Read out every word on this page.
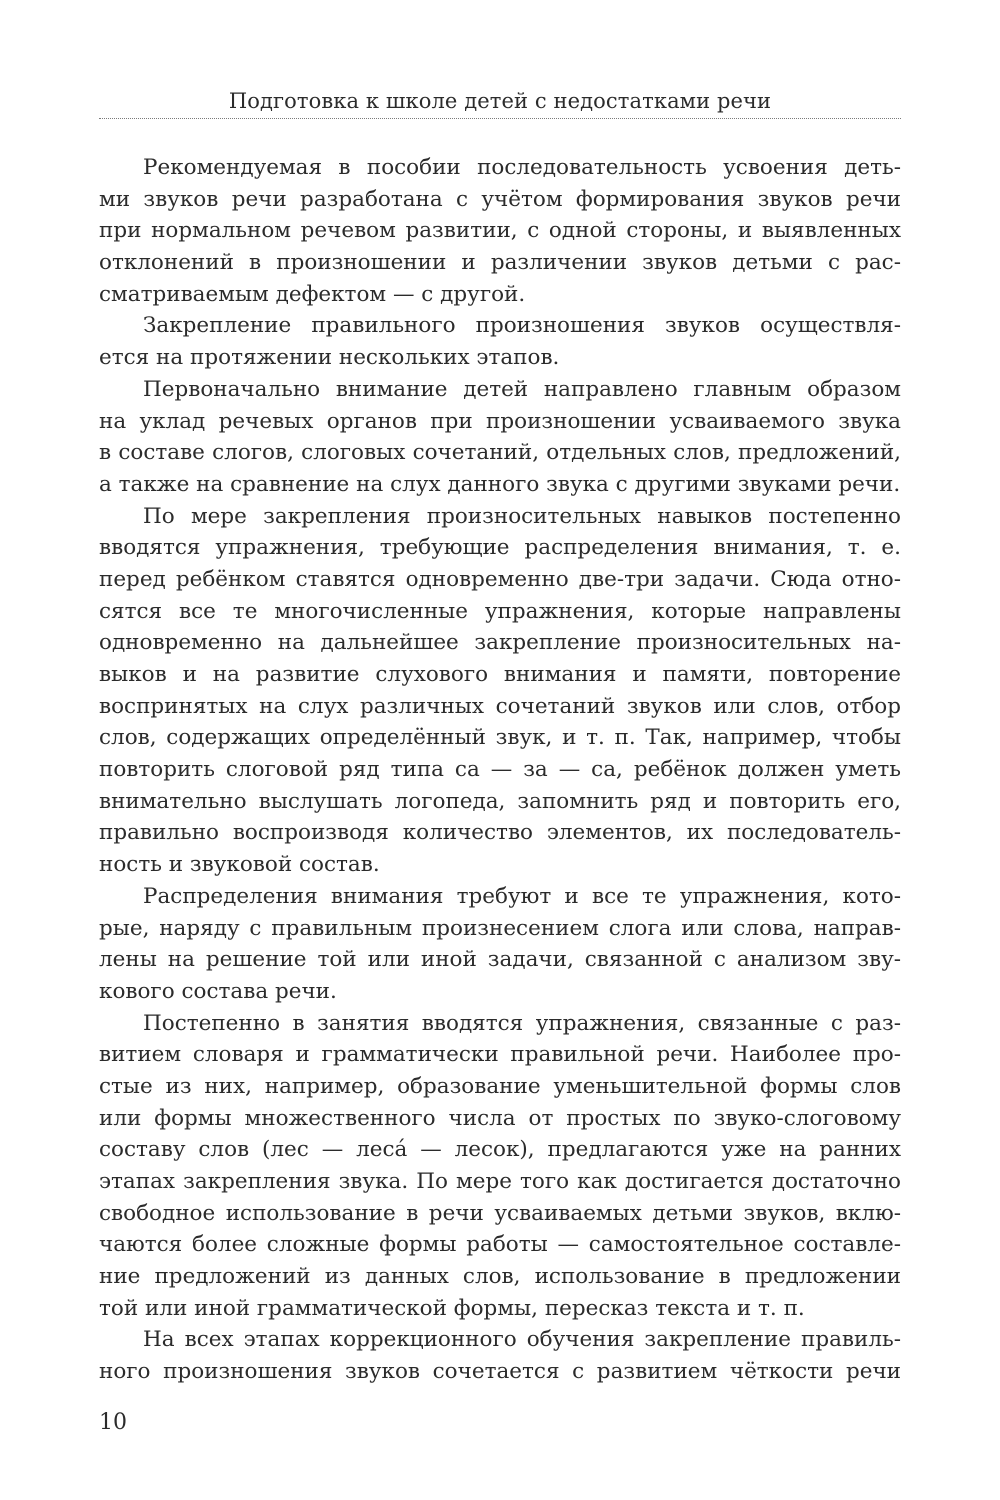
Подготовка к школе детей с недостатками речи
Рекомендуемая в пособии последовательность усвоения деть-
ми звуков речи разработана с учётом формирования звуков речи
при нормальном речевом развитии, с одной стороны, и выявленных
отклонений в произношении и различении звуков детьми с рас-
сматриваемым дефектом — с другой.
Закрепление правильного произношения звуков осуществля-
ется на протяжении нескольких этапов.
Первоначально внимание детей направлено главным образом
на уклад речевых органов при произношении усваиваемого звука
в составе слогов, слоговых сочетаний, отдельных слов, предложений,
а также на сравнение на слух данного звука с другими звуками речи.
По мере закрепления произносительных навыков постепенно
вводятся упражнения, требующие распределения внимания, т. е.
перед ребёнком ставятся одновременно две-три задачи. Сюда отно-
сятся все те многочисленные упражнения, которые направлены
одновременно на дальнейшее закрепление произносительных на-
выков и на развитие слухового внимания и памяти, повторение
воспринятых на слух различных сочетаний звуков или слов, отбор
слов, содержащих определённый звук, и т. п. Так, например, чтобы
повторить слоговой ряд типа са — за — са, ребёнок должен уметь
внимательно выслушать логопеда, запомнить ряд и повторить его,
правильно воспроизводя количество элементов, их последователь-
ность и звуковой состав.
Распределения внимания требуют и все те упражнения, кото-
рые, наряду с правильным произнесением слога или слова, направ-
лены на решение той или иной задачи, связанной с анализом зву-
кового состава речи.
Постепенно в занятия вводятся упражнения, связанные с раз-
витием словаря и грамматически правильной речи. Наиболее про-
стые из них, например, образование уменьшительной формы слов
или формы множественного числа от простых по звуко-слоговому
составу слов (лес — леса́ — лесок), предлагаются уже на ранних
этапах закрепления звука. По мере того как достигается достаточно
свободное использование в речи усваиваемых детьми звуков, вклю-
чаются более сложные формы работы — самостоятельное составле-
ние предложений из данных слов, использование в предложении
той или иной грамматической формы, пересказ текста и т. п.
На всех этапах коррекционного обучения закрепление правиль-
ного произношения звуков сочетается с развитием чёткости речи
10
